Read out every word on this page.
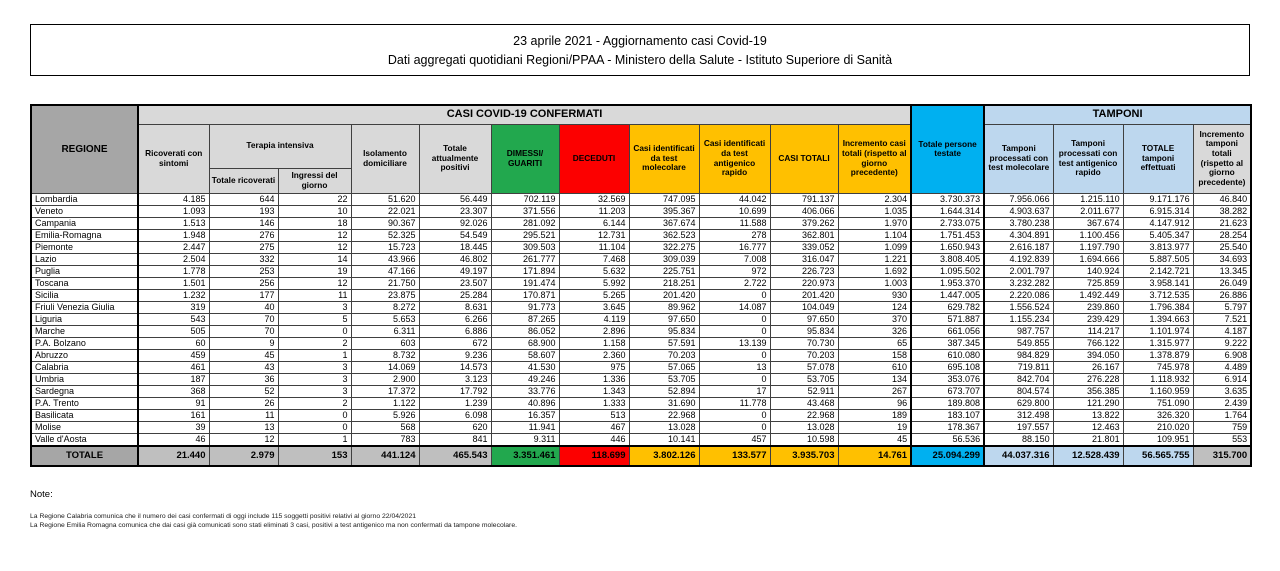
23 aprile 2021 - Aggiornamento casi Covid-19
Dati aggregati quotidiani Regioni/PPAA - Ministero della Salute - Istituto Superiore di Sanità
REGIONE	CASI COVID-19 CONFERMATI											Totale persone testate	TAMPONI			
	Ricoverati con sintomi	Terapia intensiva		Isolamento domiciliare	Totale attualmente positivi	DIMESSI/ GUARITI	DECEDUTI	Casi identificati da test molecolare	Casi identificati da test antigenico rapido	CASI TOTALI	Incremento casi totali (rispetto al giorno precedente)		Tamponi processati con test molecolare	Tamponi processati con test antigenico rapido	TOTALE tamponi effettuati	Incremento tamponi totali (rispetto al giorno precedente)
		Totale ricoverati	Ingressi del giorno													
Lombardia	4.185	644	22	51.620	56.449	702.119	32.569	747.095	44.042	791.137	2.304	3.730.373	7.956.066	1.215.110	9.171.176	46.840
Veneto	1.093	193	10	22.021	23.307	371.556	11.203	395.367	10.699	406.066	1.035	1.644.314	4.903.637	2.011.677	6.915.314	38.282
Campania	1.513	146	18	90.367	92.026	281.092	6.144	367.674	11.588	379.262	1.970	2.733.075	3.780.238	367.674	4.147.912	21.623
Emilia-Romagna	1.948	276	12	52.325	54.549	295.521	12.731	362.523	278	362.801	1.104	1.751.453	4.304.891	1.100.456	5.405.347	28.254
Piemonte	2.447	275	12	15.723	18.445	309.503	11.104	322.275	16.777	339.052	1.099	1.650.943	2.616.187	1.197.790	3.813.977	25.540
Lazio	2.504	332	14	43.966	46.802	261.777	7.468	309.039	7.008	316.047	1.221	3.808.405	4.192.839	1.694.666	5.887.505	34.693
Puglia	1.778	253	19	47.166	49.197	171.894	5.632	225.751	972	226.723	1.692	1.095.502	2.001.797	140.924	2.142.721	13.345
Toscana	1.501	256	12	21.750	23.507	191.474	5.992	218.251	2.722	220.973	1.003	1.953.370	3.232.282	725.859	3.958.141	26.049
Sicilia	1.232	177	11	23.875	25.284	170.871	5.265	201.420	0	201.420	930	1.447.005	2.220.086	1.492.449	3.712.535	26.886
Friuli Venezia Giulia	319	40	3	8.272	8.631	91.773	3.645	89.962	14.087	104.049	124	629.782	1.556.524	239.860	1.796.384	5.797
Liguria	543	70	5	5.653	6.266	87.265	4.119	97.650	0	97.650	370	571.887	1.155.234	239.429	1.394.663	7.521
Marche	505	70	0	6.311	6.886	86.052	2.896	95.834	0	95.834	326	661.056	987.757	114.217	1.101.974	4.187
P.A. Bolzano	60	9	2	603	672	68.900	1.158	57.591	13.139	70.730	65	387.345	549.855	766.122	1.315.977	9.222
Abruzzo	459	45	1	8.732	9.236	58.607	2.360	70.203	0	70.203	158	610.080	984.829	394.050	1.378.879	6.908
Calabria	461	43	3	14.069	14.573	41.530	975	57.065	13	57.078	610	695.108	719.811	26.167	745.978	4.489
Umbria	187	36	3	2.900	3.123	49.246	1.336	53.705	0	53.705	134	353.076	842.704	276.228	1.118.932	6.914
Sardegna	368	52	3	17.372	17.792	33.776	1.343	52.894	17	52.911	267	673.707	804.574	356.385	1.160.959	3.635
P.A. Trento	91	26	2	1.122	1.239	40.896	1.333	31.690	11.778	43.468	96	189.808	629.800	121.290	751.090	2.439
Basilicata	161	11	0	5.926	6.098	16.357	513	22.968	0	22.968	189	183.107	312.498	13.822	326.320	1.764
Molise	39	13	0	568	620	11.941	467	13.028	0	13.028	19	178.367	197.557	12.463	210.020	759
Valle d'Aosta	46	12	1	783	841	9.311	446	10.141	457	10.598	45	56.536	88.150	21.801	109.951	553
TOTALE	21.440	2.979	153	441.124	465.543	3.351.461	118.699	3.802.126	133.577	3.935.703	14.761	25.094.299	44.037.316	12.528.439	56.565.755	315.700
Note:
La Regione Calabria comunica che il numero dei casi confermati di oggi include 115 soggetti positivi relativi al giorno 22/04/2021
La Regione Emilia Romagna comunica che dai casi già comunicati sono stati eliminati 3 casi, positivi a test antigenico ma non confermati da tampone molecolare.
